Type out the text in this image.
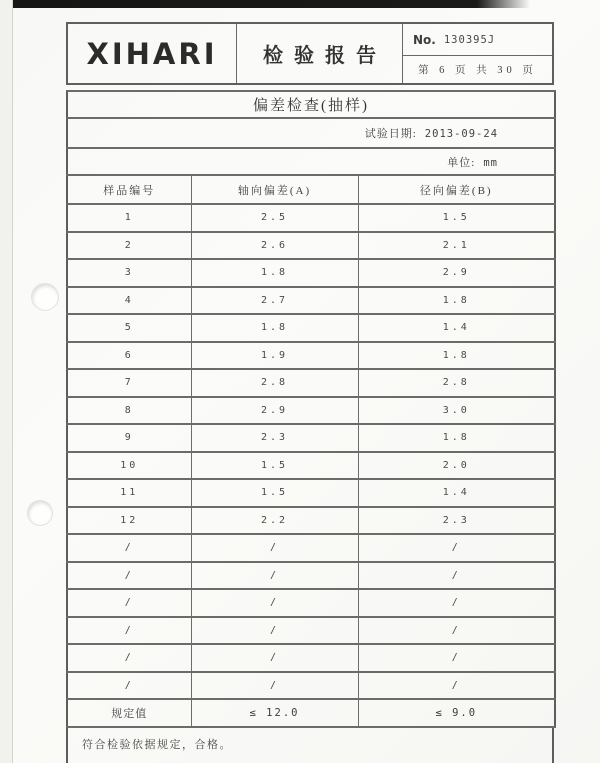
XIHARI	检验报告
No. 130395J
第 6 页 共 30 页
偏差检查(抽样)		
试验日期: 2013-09-24		
单位: mm		
样品编号	轴向偏差(A)	径向偏差(B)
1	2.5	1.5
2	2.6	2.1
3	1.8	2.9
4	2.7	1.8
5	1.8	1.4
6	1.9	1.8
7	2.8	2.8
8	2.9	3.0
9	2.3	1.8
10	1.5	2.0
11	1.5	1.4
12	2.2	2.3
/	/	/
/	/	/
/	/	/
/	/	/
/	/	/
/	/	/
规定值	≤ 12.0	≤ 9.0
符合检验依据规定，合格。
